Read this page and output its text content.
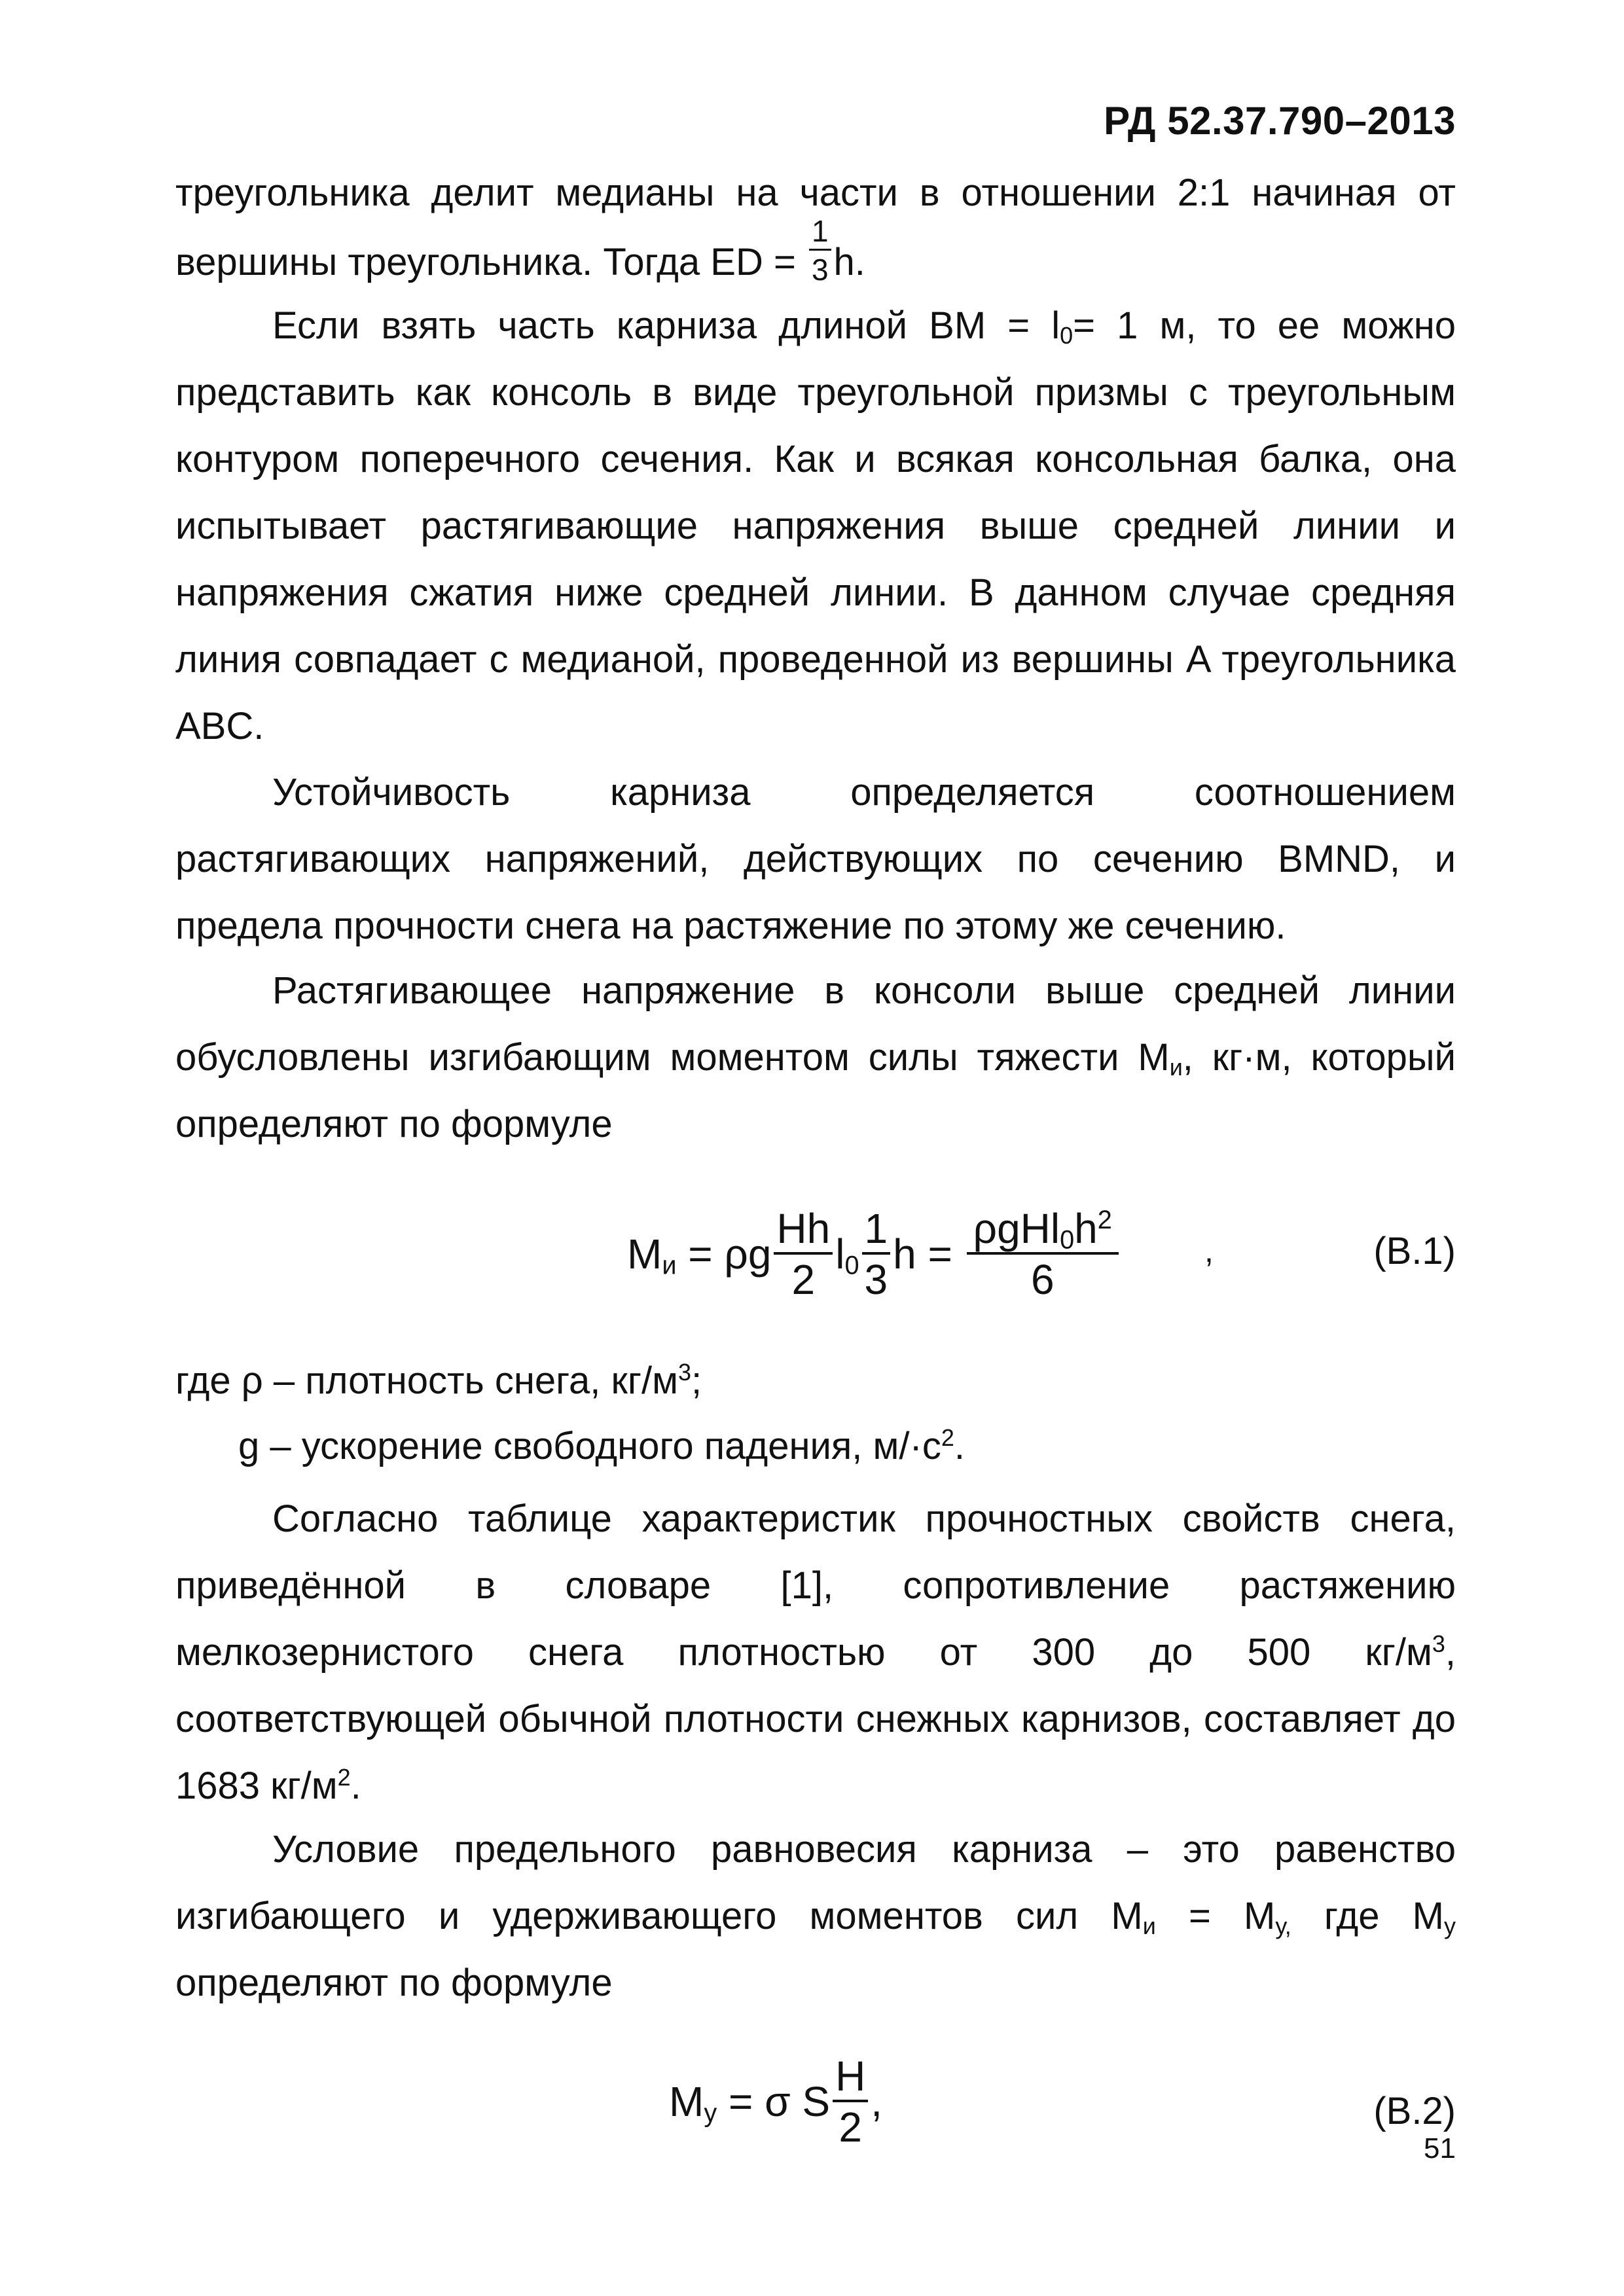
РД 52.37.790–2013
треугольника делит медианы на части в отношении 2:1 начиная от
вершины треугольника. Тогда ED = $\frac{1}{3} h$.

Если взять часть карниза длиной BM = $l_0= 1$ м, то ее можно представить как консоль в виде треугольной призмы с треугольным контуром поперечного сечения. Как и всякая консольная балка, она испытывает растягивающие напряжения выше средней линии и напряжения сжатия ниже средней линии. В данном случае средняя линия совпадает с медианой, проведенной из вершины A треугольника ABC.

Устойчивость карниза определяется соотношением растягивающих напряжений, действующих по сечению BMND, и предела прочности снега на растяжение по этому же сечению.

Растягивающее напряжение в консоли выше средней линии обусловлены изгибающим моментом силы тяжести $M_и$, кг·м, который определяют по формуле

$M_и = \rho g \frac{Hh}{2} l_0 \frac{1}{3}$ $h = \frac{\rho gHl_0h^2}{6}$	,	(В.1)
где ρ – плотность снега, $кг/м^3$;
g – ускорение свободного падения, $м/\cdot с^2$.

Согласно таблице характеристик прочностных свойств снега, приведённой в словаре [1], сопротивление растяжению мелкозернистого снега плотностью от 300 до 500 $кг/м^3$, соответствующей обычной плотности снежных карнизов, составляет до 1683 $кг/м^2$.

Условие предельного равновесия карниза – это равенство изгибающего и удерживающего моментов сил $M_и = M_{у,}$ где $M_у$ определяют по формуле

$M_у = \sigma$ S $\frac{H}{2}$ ,	(В.2)
51
